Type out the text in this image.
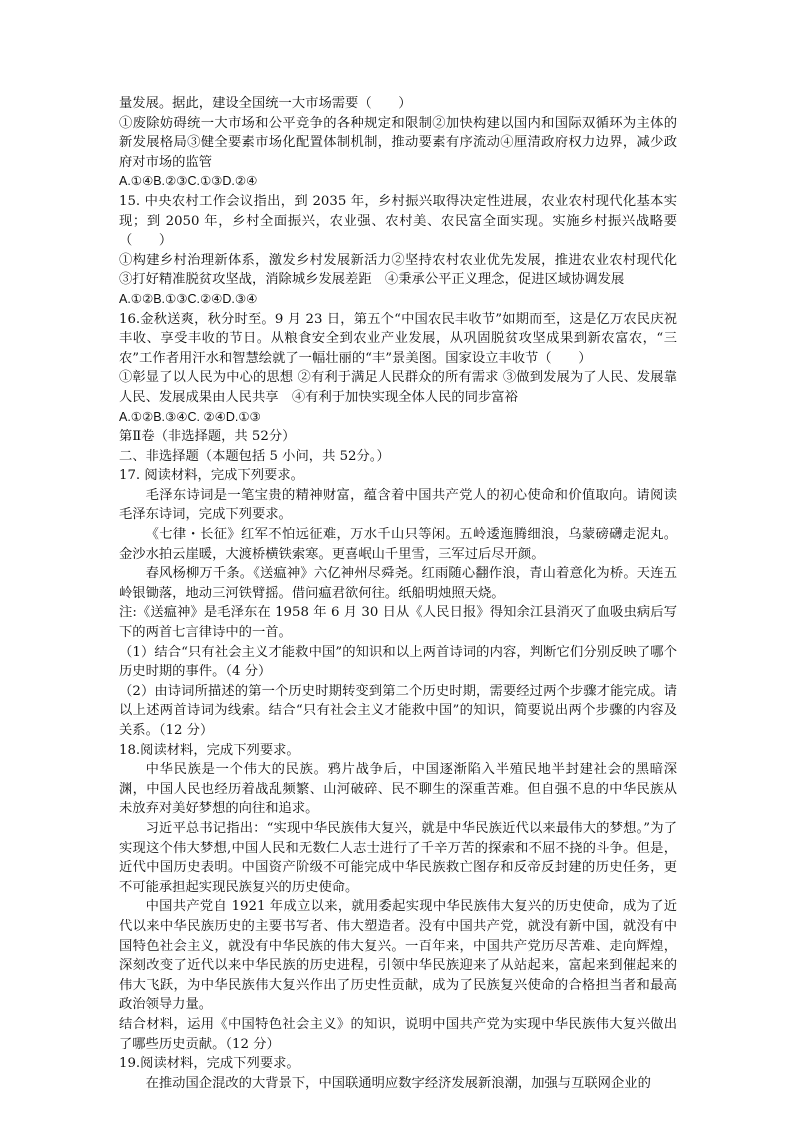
量发展。据此，建设全国统一大市场需要（　　）

①废除妨碍统一大市场和公平竞争的各种规定和限制②加快构建以国内和国际双循环为主体的新发展格局③健全要素市场化配置体制机制，推动要素有序流动④厘清政府权力边界，减少政府对市场的监管

A.①④B.②③C.①③D.②④

15. 中央农村工作会议指出，到 2035 年，乡村振兴取得决定性进展，农业农村现代化基本实现；到 2050 年，乡村全面振兴，农业强、农村美、农民富全面实现。实施乡村振兴战略要（　　）

①构建乡村治理新体系，激发乡村发展新活力②坚持农村农业优先发展，推进农业农村现代化③打好精准脱贫攻坚战，消除城乡发展差距　④秉承公平正义理念，促进区域协调发展

A.①②B.①③C.②④D.③④

16.金秋送爽，秋分时至。9 月 23 日，第五个“中国农民丰收节”如期而至，这是亿万农民庆祝丰收、享受丰收的节日。从粮食安全到农业产业发展，从巩固脱贫攻坚成果到新农富农，“三农”工作者用汗水和智慧绘就了一幅壮丽的“丰”景美图。国家设立丰收节（　　）

①彰显了以人民为中心的思想 ②有利于满足人民群众的所有需求 ③做到发展为了人民、发展靠人民、发展成果由人民共享　④有利于加快实现全体人民的同步富裕

A.①②B.③④C. ②④D.①③

第Ⅱ卷（非选择题，共 52分）

二、非选择题（本题包括 5 小问，共 52分。）

17. 阅读材料，完成下列要求。

毛泽东诗词是一笔宝贵的精神财富，蕴含着中国共产党人的初心使命和价值取向。请阅读毛泽东诗词，完成下列要求。

《七律・长征》红军不怕远征难，万水千山只等闲。五岭逶迤腾细浪，乌蒙磅礴走泥丸。金沙水拍云崖暖，大渡桥横铁索寒。更喜岷山千里雪，三军过后尽开颜。

春风杨柳万千条。《送瘟神》六亿神州尽舜尧。红雨随心翻作浪，青山着意化为桥。天连五岭银锄落，地动三河铁臂摇。借问瘟君欲何往。纸船明烛照天烧。

注:《送瘟神》是毛泽东在 1958 年 6 月 30 日从《人民日报》得知余江县消灭了血吸虫病后写下的两首七言律诗中的一首。

（1）结合“只有社会主义才能救中国”的知识和以上两首诗词的内容，判断它们分别反映了哪个历史时期的事件。（4 分）

（2）由诗词所描述的第一个历史时期转变到第二个历史时期，需要经过两个步骤才能完成。请以上述两首诗词为线索。结合“只有社会主义才能救中国”的知识，简要说出两个步骤的内容及关系。（12 分）

18.阅读材料，完成下列要求。

中华民族是一个伟大的民族。鸦片战争后，中国逐渐陷入半殖民地半封建社会的黑暗深渊，中国人民也经历着战乱频繁、山河破碎、民不聊生的深重苦难。但自强不息的中华民族从未放弃对美好梦想的向往和追求。

习近平总书记指出：“实现中华民族伟大复兴，就是中华民族近代以来最伟大的梦想。”为了实现这个伟大梦想,中国人民和无数仁人志士进行了千辛万苦的探索和不屈不挠的斗争。但是，近代中国历史表明。中国资产阶级不可能完成中华民族救亡图存和反帝反封建的历史任务，更不可能承担起实现民族复兴的历史使命。

中国共产党自 1921 年成立以来，就用委起实现中华民族伟大复兴的历史使命，成为了近代以来中华民族历史的主要书写者、伟大塑造者。没有中国共产党，就没有新中国，就没有中国特色社会主义，就没有中华民族的伟大复兴。一百年来，中国共产党历尽苦难、走向辉煌，深刻改变了近代以来中华民族的历史进程，引领中华民族迎来了从站起来，富起来到催起来的伟大飞跃，为中华民族伟大复兴作出了历史性贡献，成为了民族复兴使命的合格担当者和最高政治领导力量。

结合材料，运用《中国特色社会主义》的知识，说明中国共产党为实现中华民族伟大复兴做出了哪些历史贡献。（12 分）

19.阅读材料，完成下列要求。

在推动国企混改的大背景下，中国联通明应数字经济发展新浪潮，加强与互联网企业的
